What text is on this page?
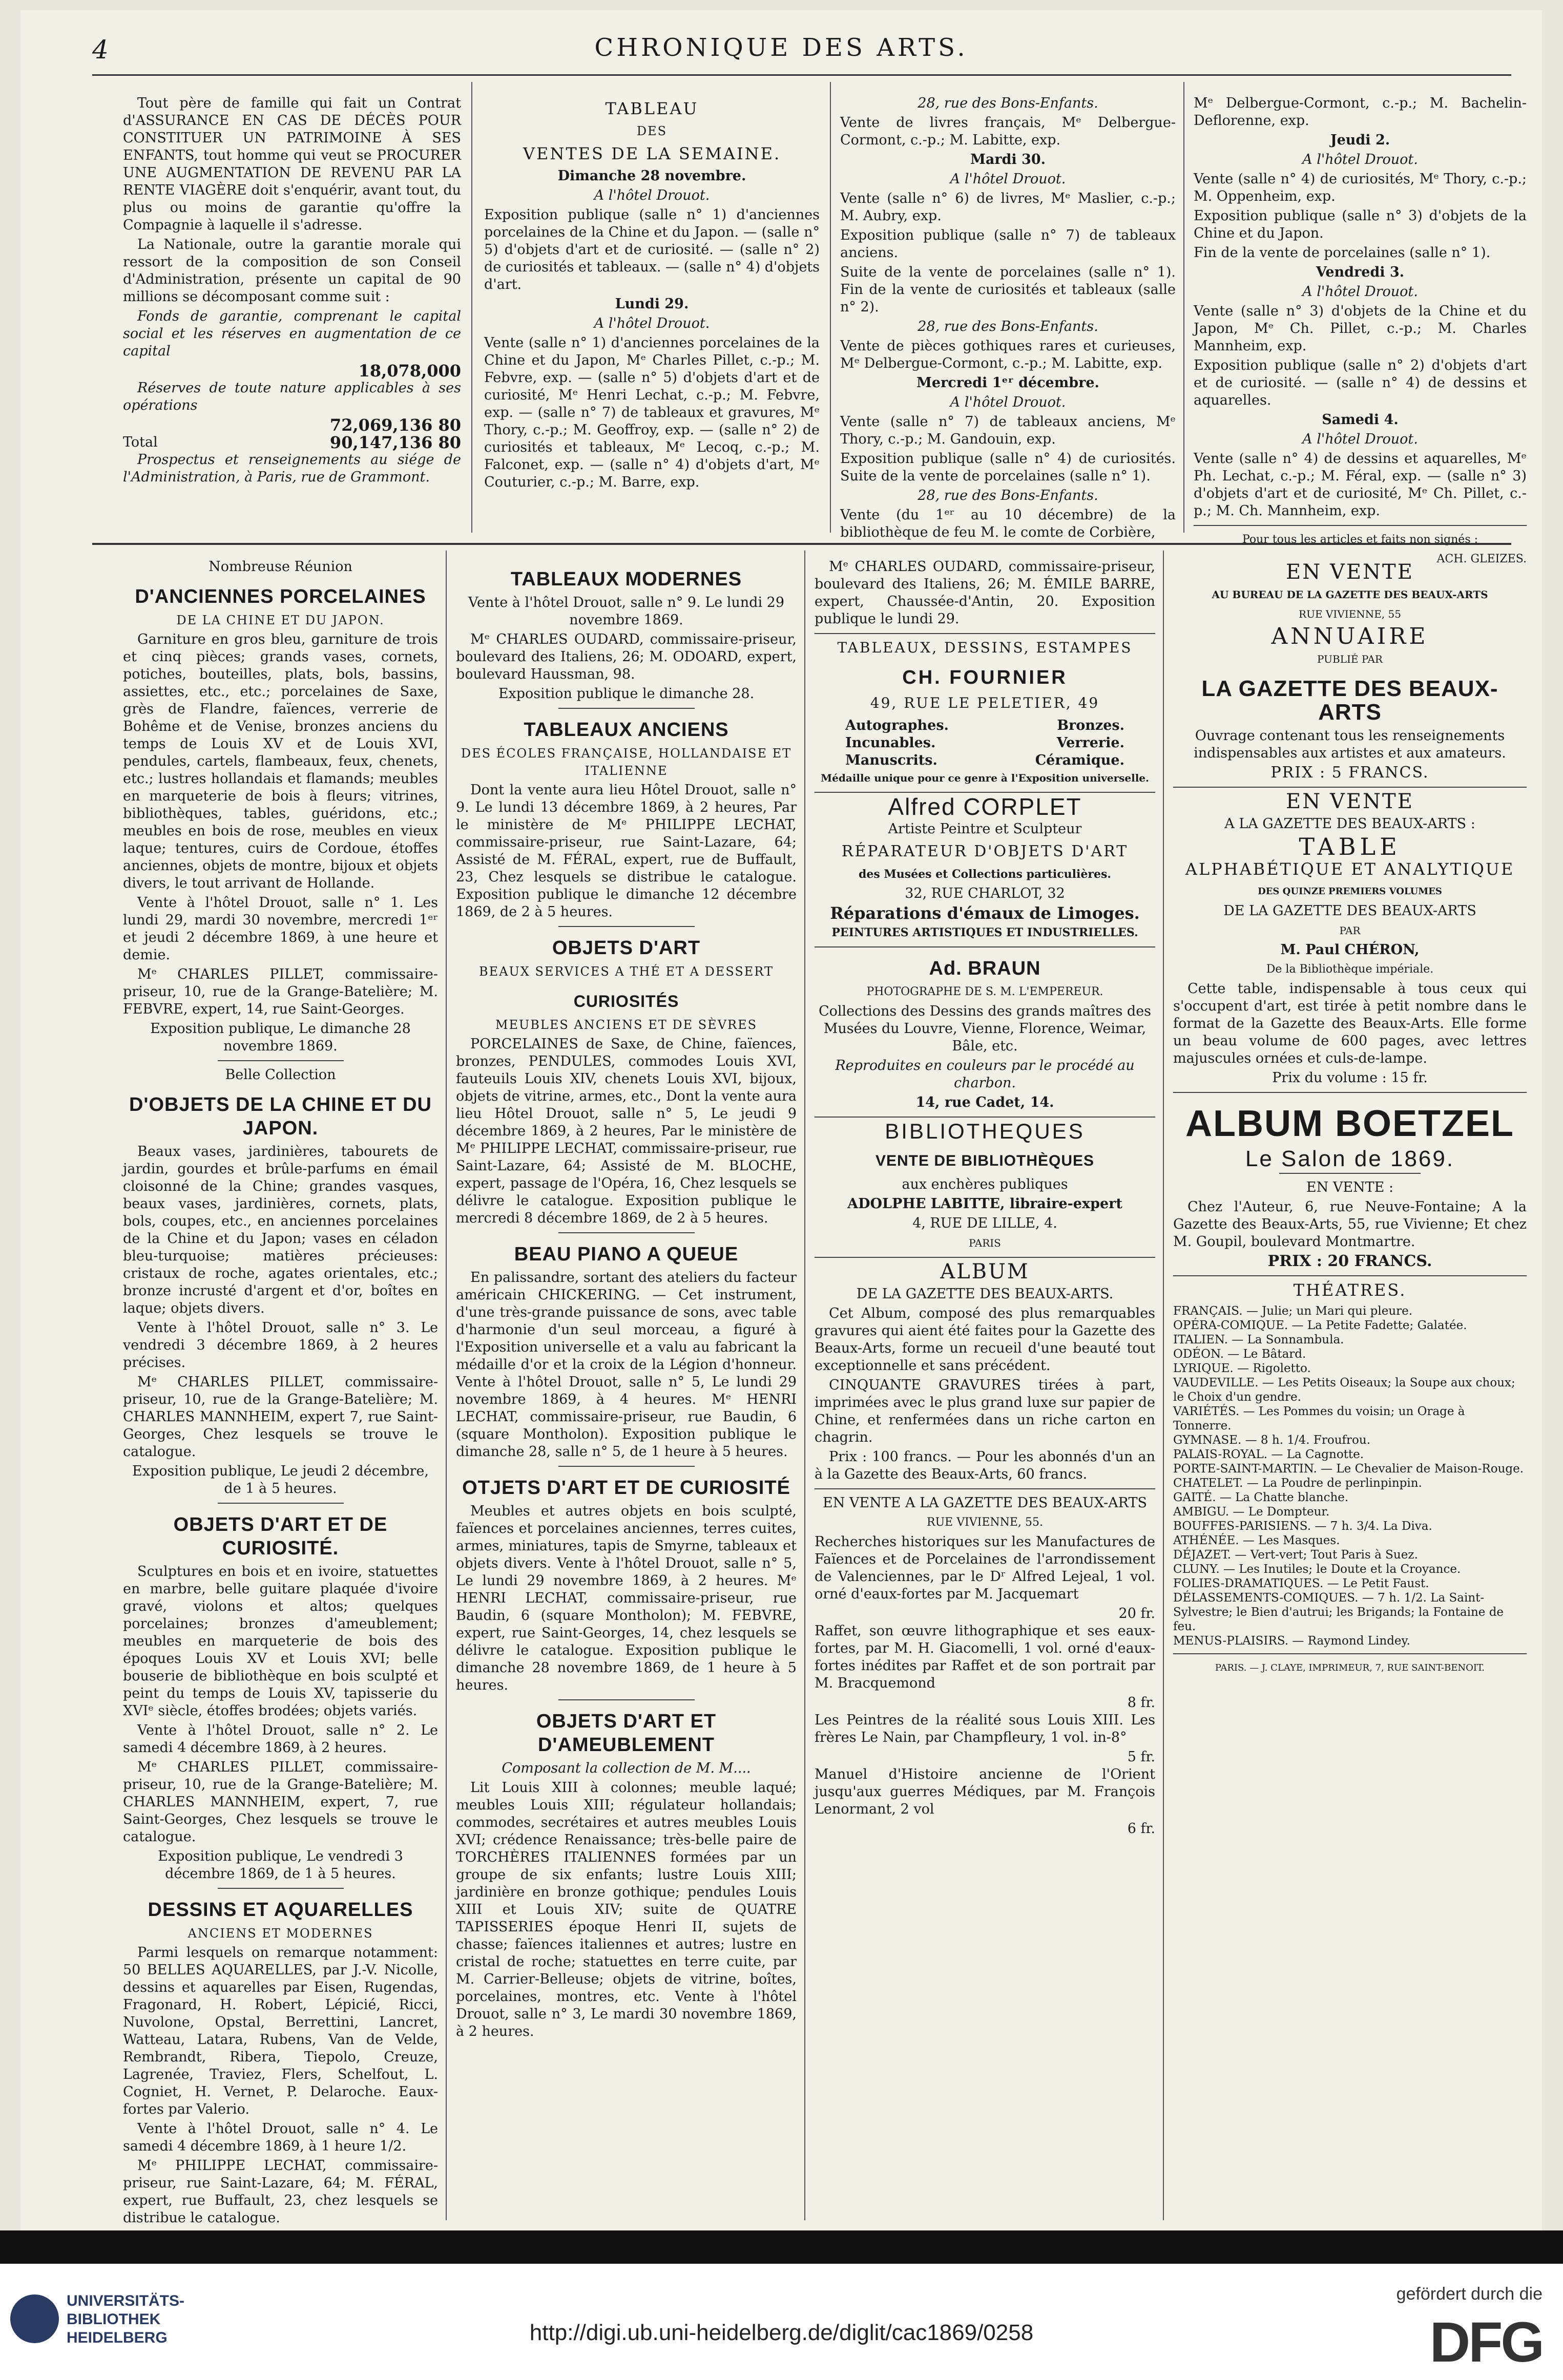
4	CHRONIQUE DES ARTS.

Tout père de famille qui fait un Contrat d'ASSURANCE EN CAS DE DÉCÈS POUR CONSTITUER UN PATRIMOINE À SES ENFANTS, tout homme qui veut se PROCURER UNE AUGMENTATION DE REVENU PAR LA RENTE VIAGÈRE doit s'enquérir, avant tout, du plus ou moins de garantie qu'offre la Compagnie à laquelle il s'adresse.

La Nationale, outre la garantie morale qui ressort de la composition de son Conseil d'Administration, présente un capital de 90 millions se décomposant comme suit :

Fonds de garantie, comprenant le capital social et les réserves en augmentation de ce capital

18,078,000

Réserves de toute nature applicables à ses opérations

72,069,136 80
Total	90,147,136 80

Prospectus et renseignements au siége de l'Administration, à Paris, rue de Grammont.

TABLEAU
DES
VENTES DE LA SEMAINE.

Dimanche 28 novembre.

A l'hôtel Drouot.

Exposition publique (salle n° 1) d'anciennes porcelaines de la Chine et du Japon. — (salle n° 5) d'objets d'art et de curiosité. — (salle n° 2) de curiosités et tableaux. — (salle n° 4) d'objets d'art.

Lundi 29.

A l'hôtel Drouot.

Vente (salle n° 1) d'anciennes porcelaines de la Chine et du Japon, Mᵉ Charles Pillet, c.-p.; M. Febvre, exp. — (salle n° 5) d'objets d'art et de curiosité, Mᵉ Henri Lechat, c.-p.; M. Febvre, exp. — (salle n° 7) de tableaux et gravures, Mᵉ Thory, c.-p.; M. Geoffroy, exp. — (salle n° 2) de curiosités et tableaux, Mᵉ Lecoq, c.-p.; M. Falconet, exp. — (salle n° 4) d'objets d'art, Mᵉ Couturier, c.-p.; M. Barre, exp.

28, rue des Bons-Enfants.

Vente de livres français, Mᵉ Delbergue-Cormont, c.-p.; M. Labitte, exp.

Mardi 30.

A l'hôtel Drouot.

Vente (salle n° 6) de livres, Mᵉ Maslier, c.-p.; M. Aubry, exp.

Exposition publique (salle n° 7) de tableaux anciens.

Suite de la vente de porcelaines (salle n° 1). Fin de la vente de curiosités et tableaux (salle n° 2).

28, rue des Bons-Enfants.

Vente de pièces gothiques rares et curieuses, Mᵉ Delbergue-Cormont, c.-p.; M. Labitte, exp.

Mercredi 1ᵉʳ décembre.

A l'hôtel Drouot.

Vente (salle n° 7) de tableaux anciens, Mᵉ Thory, c.-p.; M. Gandouin, exp.

Exposition publique (salle n° 4) de curiosités. Suite de la vente de porcelaines (salle n° 1).

28, rue des Bons-Enfants.

Vente (du 1ᵉʳ au 10 décembre) de la bibliothèque de feu M. le comte de Corbière,

Mᵉ Delbergue-Cormont, c.-p.; M. Bachelin-Deflorenne, exp.

Jeudi 2.

A l'hôtel Drouot.

Vente (salle n° 4) de curiosités, Mᵉ Thory, c.-p.; M. Oppenheim, exp.

Exposition publique (salle n° 3) d'objets de la Chine et du Japon.

Fin de la vente de porcelaines (salle n° 1).

Vendredi 3.

A l'hôtel Drouot.

Vente (salle n° 3) d'objets de la Chine et du Japon, Mᵉ Ch. Pillet, c.-p.; M. Charles Mannheim, exp.

Exposition publique (salle n° 2) d'objets d'art et de curiosité. — (salle n° 4) de dessins et aquarelles.

Samedi 4.

A l'hôtel Drouot.

Vente (salle n° 4) de dessins et aquarelles, Mᵉ Ph. Lechat, c.-p.; M. Féral, exp. — (salle n° 3) d'objets d'art et de curiosité, Mᵉ Ch. Pillet, c.-p.; M. Ch. Mannheim, exp.

Pour tous les articles et faits non signés :

ACH. GLEIZES.

Nombreuse Réunion

D'ANCIENNES PORCELAINES
DE LA CHINE ET DU JAPON.

Garniture en gros bleu, garniture de trois et cinq pièces; grands vases, cornets, potiches, bouteilles, plats, bols, bassins, assiettes, etc., etc.; porcelaines de Saxe, grès de Flandre, faïences, verrerie de Bohême et de Venise, bronzes anciens du temps de Louis XV et de Louis XVI, pendules, cartels, flambeaux, feux, chenets, etc.; lustres hollandais et flamands; meubles en marqueterie de bois à fleurs; vitrines, bibliothèques, tables, guéridons, etc.; meubles en bois de rose, meubles en vieux laque; tentures, cuirs de Cordoue, étoffes anciennes, objets de montre, bijoux et objets divers, le tout arrivant de Hollande.

Vente à l'hôtel Drouot, salle n° 1. Les lundi 29, mardi 30 novembre, mercredi 1ᵉʳ et jeudi 2 décembre 1869, à une heure et demie.

Mᵉ CHARLES PILLET, commissaire-priseur, 10, rue de la Grange-Batelière; M. FEBVRE, expert, 14, rue Saint-Georges.

Exposition publique, Le dimanche 28 novembre 1869.

Belle Collection

D'OBJETS DE LA CHINE ET DU JAPON.

Beaux vases, jardinières, tabourets de jardin, gourdes et brûle-parfums en émail cloisonné de la Chine; grandes vasques, beaux vases, jardinières, cornets, plats, bols, coupes, etc., en anciennes porcelaines de la Chine et du Japon; vases en céladon bleu-turquoise; matières précieuses: cristaux de roche, agates orientales, etc.; bronze incrusté d'argent et d'or, boîtes en laque; objets divers.

Vente à l'hôtel Drouot, salle n° 3. Le vendredi 3 décembre 1869, à 2 heures précises.

Mᵉ CHARLES PILLET, commissaire-priseur, 10, rue de la Grange-Batelière; M. CHARLES MANNHEIM, expert 7, rue Saint-Georges, Chez lesquels se trouve le catalogue.

Exposition publique, Le jeudi 2 décembre, de 1 à 5 heures.

OBJETS D'ART ET DE CURIOSITÉ.

Sculptures en bois et en ivoire, statuettes en marbre, belle guitare plaquée d'ivoire gravé, violons et altos; quelques porcelaines; bronzes d'ameublement; meubles en marqueterie de bois des époques Louis XV et Louis XVI; belle bouserie de bibliothèque en bois sculpté et peint du temps de Louis XV, tapisserie du XVIᵉ siècle, étoffes brodées; objets variés.

Vente à l'hôtel Drouot, salle n° 2. Le samedi 4 décembre 1869, à 2 heures.

Mᵉ CHARLES PILLET, commissaire-priseur, 10, rue de la Grange-Batelière; M. CHARLES MANNHEIM, expert, 7, rue Saint-Georges, Chez lesquels se trouve le catalogue.

Exposition publique, Le vendredi 3 décembre 1869, de 1 à 5 heures.

DESSINS ET AQUARELLES
ANCIENS ET MODERNES

Parmi lesquels on remarque notamment: 50 BELLES AQUARELLES, par J.-V. Nicolle, dessins et aquarelles par Eisen, Rugendas, Fragonard, H. Robert, Lépicié, Ricci, Nuvolone, Opstal, Berrettini, Lancret, Watteau, Latara, Rubens, Van de Velde, Rembrandt, Ribera, Tiepolo, Creuze, Lagrenée, Traviez, Flers, Schelfout, L. Cogniet, H. Vernet, P. Delaroche. Eaux-fortes par Valerio.

Vente à l'hôtel Drouot, salle n° 4. Le samedi 4 décembre 1869, à 1 heure 1/2.

Mᵉ PHILIPPE LECHAT, commissaire-priseur, rue Saint-Lazare, 64; M. FÉRAL, expert, rue Buffault, 23, chez lesquels se distribue le catalogue.

TABLEAUX MODERNES

Vente à l'hôtel Drouot, salle n° 9. Le lundi 29 novembre 1869.

Mᵉ CHARLES OUDARD, commissaire-priseur, boulevard des Italiens, 26; M. ODOARD, expert, boulevard Haussman, 98.

Exposition publique le dimanche 28.

TABLEAUX ANCIENS
DES ÉCOLES FRANÇAISE, HOLLANDAISE ET ITALIENNE

Dont la vente aura lieu Hôtel Drouot, salle n° 9. Le lundi 13 décembre 1869, à 2 heures, Par le ministère de Mᵉ PHILIPPE LECHAT, commissaire-priseur, rue Saint-Lazare, 64; Assisté de M. FÉRAL, expert, rue de Buffault, 23, Chez lesquels se distribue le catalogue. Exposition publique le dimanche 12 décembre 1869, de 2 à 5 heures.

OBJETS D'ART
BEAUX SERVICES A THÉ ET A DESSERT
CURIOSITÉS
MEUBLES ANCIENS ET DE SÈVRES

PORCELAINES de Saxe, de Chine, faïences, bronzes, PENDULES, commodes Louis XVI, fauteuils Louis XIV, chenets Louis XVI, bijoux, objets de vitrine, armes, etc., Dont la vente aura lieu Hôtel Drouot, salle n° 5, Le jeudi 9 décembre 1869, à 2 heures, Par le ministère de Mᵉ PHILIPPE LECHAT, commissaire-priseur, rue Saint-Lazare, 64; Assisté de M. BLOCHE, expert, passage de l'Opéra, 16, Chez lesquels se délivre le catalogue. Exposition publique le mercredi 8 décembre 1869, de 2 à 5 heures.

BEAU PIANO A QUEUE

En palissandre, sortant des ateliers du facteur américain CHICKERING. — Cet instrument, d'une très-grande puissance de sons, avec table d'harmonie d'un seul morceau, a figuré à l'Exposition universelle et a valu au fabricant la médaille d'or et la croix de la Légion d'honneur. Vente à l'hôtel Drouot, salle n° 5, Le lundi 29 novembre 1869, à 4 heures. Mᵉ HENRI LECHAT, commissaire-priseur, rue Baudin, 6 (square Montholon). Exposition publique le dimanche 28, salle n° 5, de 1 heure à 5 heures.

OTJETS D'ART ET DE CURIOSITÉ

Meubles et autres objets en bois sculpté, faïences et porcelaines anciennes, terres cuites, armes, miniatures, tapis de Smyrne, tableaux et objets divers. Vente à l'hôtel Drouot, salle n° 5, Le lundi 29 novembre 1869, à 2 heures. Mᵉ HENRI LECHAT, commissaire-priseur, rue Baudin, 6 (square Montholon); M. FEBVRE, expert, rue Saint-Georges, 14, chez lesquels se délivre le catalogue. Exposition publique le dimanche 28 novembre 1869, de 1 heure à 5 heures.

OBJETS D'ART ET D'AMEUBLEMENT

Composant la collection de M. M....

Lit Louis XIII à colonnes; meuble laqué; meubles Louis XIII; régulateur hollandais; commodes, secrétaires et autres meubles Louis XVI; crédence Renaissance; très-belle paire de TORCHÈRES ITALIENNES formées par un groupe de six enfants; lustre Louis XIII; jardinière en bronze gothique; pendules Louis XIII et Louis XIV; suite de QUATRE TAPISSERIES époque Henri II, sujets de chasse; faïences italiennes et autres; lustre en cristal de roche; statuettes en terre cuite, par M. Carrier-Belleuse; objets de vitrine, boîtes, porcelaines, montres, etc. Vente à l'hôtel Drouot, salle n° 3, Le mardi 30 novembre 1869, à 2 heures.

Mᵉ CHARLES OUDARD, commissaire-priseur, boulevard des Italiens, 26; M. ÉMILE BARRE, expert, Chaussée-d'Antin, 20. Exposition publique le lundi 29.

TABLEAUX, DESSINS, ESTAMPES
CH. FOURNIER
49, RUE LE PELETIER, 49
Autographes.	Bronzes.
Incunables.	Verrerie.
Manuscrits.	Céramique.

Médaille unique pour ce genre à l'Exposition universelle.

Alfred CORPLET

Artiste Peintre et Sculpteur

RÉPARATEUR D'OBJETS D'ART

des Musées et Collections particulières.

32, RUE CHARLOT, 32

Réparations d'émaux de Limoges.

PEINTURES ARTISTIQUES ET INDUSTRIELLES.

Ad. BRAUN

PHOTOGRAPHE DE S. M. L'EMPEREUR.

Collections des Dessins des grands maîtres des Musées du Louvre, Vienne, Florence, Weimar, Bâle, etc.

Reproduites en couleurs par le procédé au charbon.

14, rue Cadet, 14.

BIBLIOTHEQUES
VENTE DE BIBLIOTHÈQUES

aux enchères publiques

ADOLPHE LABITTE, libraire-expert

4, RUE DE LILLE, 4.

PARIS

ALBUM

DE LA GAZETTE DES BEAUX-ARTS.

Cet Album, composé des plus remarquables gravures qui aient été faites pour la Gazette des Beaux-Arts, forme un recueil d'une beauté tout exceptionnelle et sans précédent.

CINQUANTE GRAVURES tirées à part, imprimées avec le plus grand luxe sur papier de Chine, et renfermées dans un riche carton en chagrin.

Prix : 100 francs. — Pour les abonnés d'un an à la Gazette des Beaux-Arts, 60 francs.

EN VENTE A LA GAZETTE DES BEAUX-ARTS

RUE VIVIENNE, 55.

Recherches historiques sur les Manufactures de Faïences et de Porcelaines de l'arrondissement de Valenciennes, par le Dʳ Alfred Lejeal, 1 vol. orné d'eaux-fortes par M. Jacquemart

20 fr.

Raffet, son œuvre lithographique et ses eaux-fortes, par M. H. Giacomelli, 1 vol. orné d'eaux-fortes inédites par Raffet et de son portrait par M. Bracquemond

8 fr.

Les Peintres de la réalité sous Louis XIII. Les frères Le Nain, par Champfleury, 1 vol. in-8°

5 fr.

Manuel d'Histoire ancienne de l'Orient jusqu'aux guerres Médiques, par M. François Lenormant, 2 vol

6 fr.
EN VENTE

AU BUREAU DE LA GAZETTE DES BEAUX-ARTS

RUE VIVIENNE, 55

ANNUAIRE

PUBLIÉ PAR

LA GAZETTE DES BEAUX-ARTS

Ouvrage contenant tous les renseignements indispensables aux artistes et aux amateurs.

PRIX : 5 FRANCS.

EN VENTE

A LA GAZETTE DES BEAUX-ARTS :

TABLE
ALPHABÉTIQUE ET ANALYTIQUE

DES QUINZE PREMIERS VOLUMES

DE LA GAZETTE DES BEAUX-ARTS

PAR

M. Paul CHÉRON,

De la Bibliothèque impériale.

Cette table, indispensable à tous ceux qui s'occupent d'art, est tirée à petit nombre dans le format de la Gazette des Beaux-Arts. Elle forme un beau volume de 600 pages, avec lettres majuscules ornées et culs-de-lampe.

Prix du volume : 15 fr.

ALBUM BOETZEL
Le Salon de 1869.

EN VENTE :

Chez l'Auteur, 6, rue Neuve-Fontaine; A la Gazette des Beaux-Arts, 55, rue Vivienne; Et chez M. Goupil, boulevard Montmartre.

PRIX : 20 FRANCS.

THÉATRES.
FRANÇAIS. — Julie; un Mari qui pleure.
OPÉRA-COMIQUE. — La Petite Fadette; Galatée.
ITALIEN. — La Sonnambula.
ODÉON. — Le Bâtard.
LYRIQUE. — Rigoletto.
VAUDEVILLE. — Les Petits Oiseaux; la Soupe aux choux; le Choix d'un gendre.
VARIÉTÉS. — Les Pommes du voisin; un Orage à Tonnerre.
GYMNASE. — 8 h. 1/4. Froufrou.
PALAIS-ROYAL. — La Cagnotte.
PORTE-SAINT-MARTIN. — Le Chevalier de Maison-Rouge.
CHATELET. — La Poudre de perlinpinpin.
GAITÉ. — La Chatte blanche.
AMBIGU. — Le Dompteur.
BOUFFES-PARISIENS. — 7 h. 3/4. La Diva.
ATHÉNÉE. — Les Masques.
DÉJAZET. — Vert-vert; Tout Paris à Suez.
CLUNY. — Les Inutiles; le Doute et la Croyance.
FOLIES-DRAMATIQUES. — Le Petit Faust.
DÉLASSEMENTS-COMIQUES. — 7 h. 1/2. La Saint-Sylvestre; le Bien d'autrui; les Brigands; la Fontaine de feu.
MENUS-PLAISIRS. — Raymond Lindey.

PARIS. — J. CLAYE, IMPRIMEUR, 7, RUE SAINT-BENOIT.

UNIVERSITÄTS-
BIBLIOTHEK
HEIDELBERG	http://digi.ub.uni-heidelberg.de/diglit/cac1869/0258
gefördert durch die
DFG
